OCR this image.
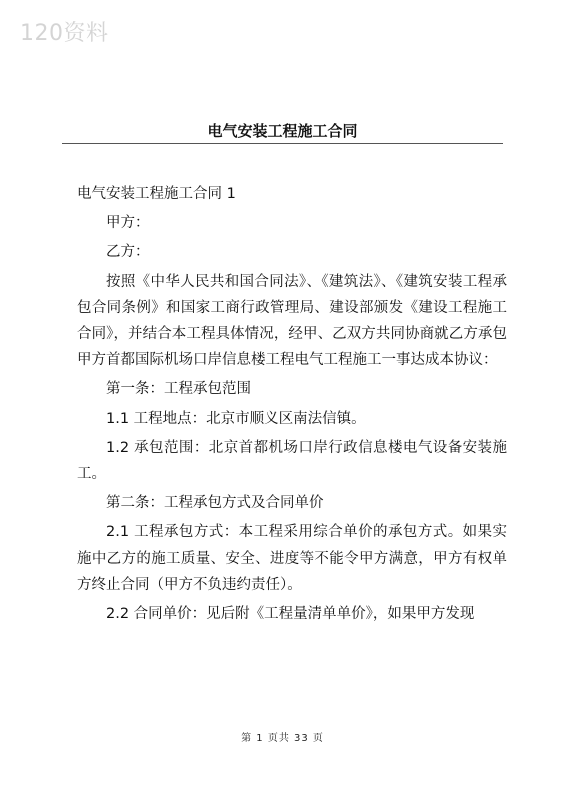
120资料
电气安装工程施工合同

电气安装工程施工合同 1

甲方：

乙方：

按照《中华人民共和国合同法》、《建筑法》、《建筑安装工程承包合同条例》和国家工商行政管理局、建设部颁发《建设工程施工合同》，并结合本工程具体情况，经甲、乙双方共同协商就乙方承包甲方首都国际机场口岸信息楼工程电气工程施工一事达成本协议：

第一条：工程承包范围

1.1 工程地点：北京市顺义区南法信镇。

1.2 承包范围：北京首都机场口岸行政信息楼电气设备安装施工。

第二条：工程承包方式及合同单价

2.1 工程承包方式：本工程采用综合单价的承包方式。如果实施中乙方的施工质量、安全、进度等不能令甲方满意，甲方有权单方终止合同（甲方不负违约责任）。

2.2 合同单价：见后附《工程量清单单价》，如果甲方发现

第 1 页共 33 页
